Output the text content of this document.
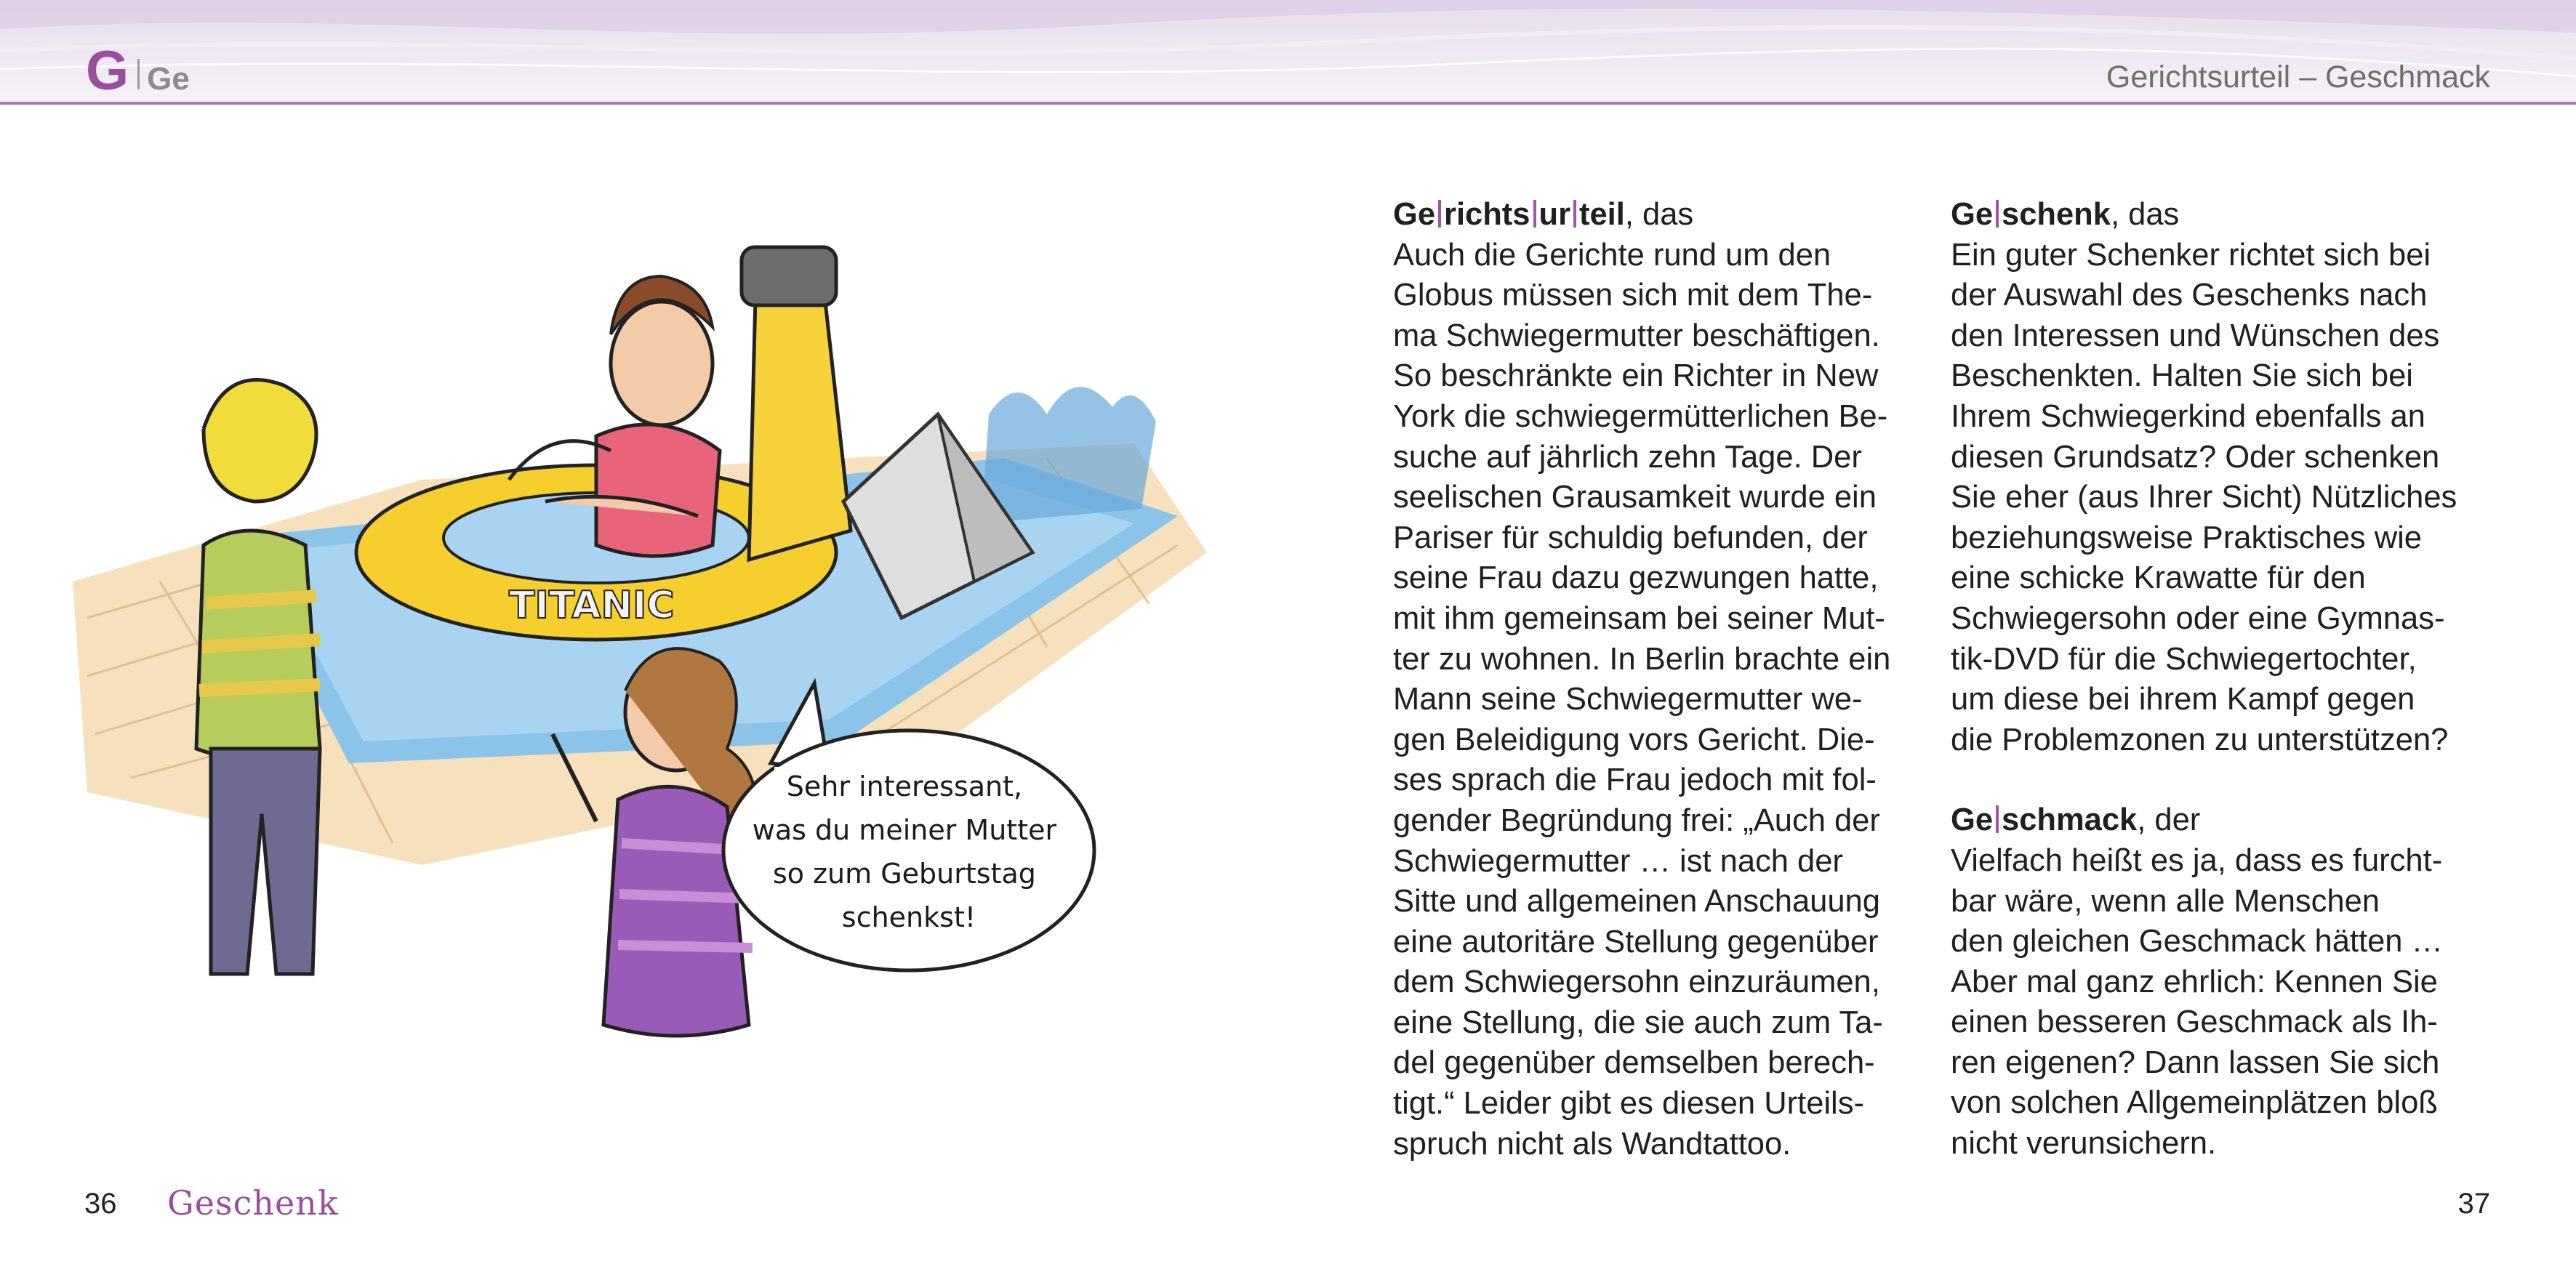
G Ge	Gerichtsurteil – Geschmack
TITANIC
Sehr interessant, was du meiner Mutter so zum Geburtstag schenkst!
Ge richts ur teil, das
Auch die Gerichte rund um den
Globus müssen sich mit dem The-
ma Schwiegermutter beschäftigen.
So beschränkte ein Richter in New
York die schwiegermütterlichen Be-
suche auf jährlich zehn Tage. Der
seelischen Grausamkeit wurde ein
Pariser für schuldig befunden, der
seine Frau dazu gezwungen hatte,
mit ihm gemeinsam bei seiner Mut-
ter zu wohnen. In Berlin brachte ein
Mann seine Schwiegermutter we-
gen Beleidigung vors Gericht. Die-
ses sprach die Frau jedoch mit fol-
gender Begründung frei: „Auch der
Schwiegermutter … ist nach der
Sitte und allgemeinen Anschauung
eine autoritäre Stellung gegenüber
dem Schwiegersohn einzuräumen,
eine Stellung, die sie auch zum Ta-
del gegenüber demselben berech-
tigt.“ Leider gibt es diesen Urteils-
spruch nicht als Wandtattoo.
Ge schenk, das
Ein guter Schenker richtet sich bei
der Auswahl des Geschenks nach
den Interessen und Wünschen des
Beschenkten. Halten Sie sich bei
Ihrem Schwiegerkind ebenfalls an
diesen Grundsatz? Oder schenken
Sie eher (aus Ihrer Sicht) Nützliches
beziehungsweise Praktisches wie
eine schicke Krawatte für den
Schwiegersohn oder eine Gymnas-
tik-DVD für die Schwiegertochter,
um diese bei ihrem Kampf gegen
die Problemzonen zu unterstützen?
Ge schmack, der
Vielfach heißt es ja, dass es furcht-
bar wäre, wenn alle Menschen
den gleichen Geschmack hätten …
Aber mal ganz ehrlich: Kennen Sie
einen besseren Geschmack als Ih-
ren eigenen? Dann lassen Sie sich
von solchen Allgemeinplätzen bloß
nicht verunsichern.
36 Geschenk	37
